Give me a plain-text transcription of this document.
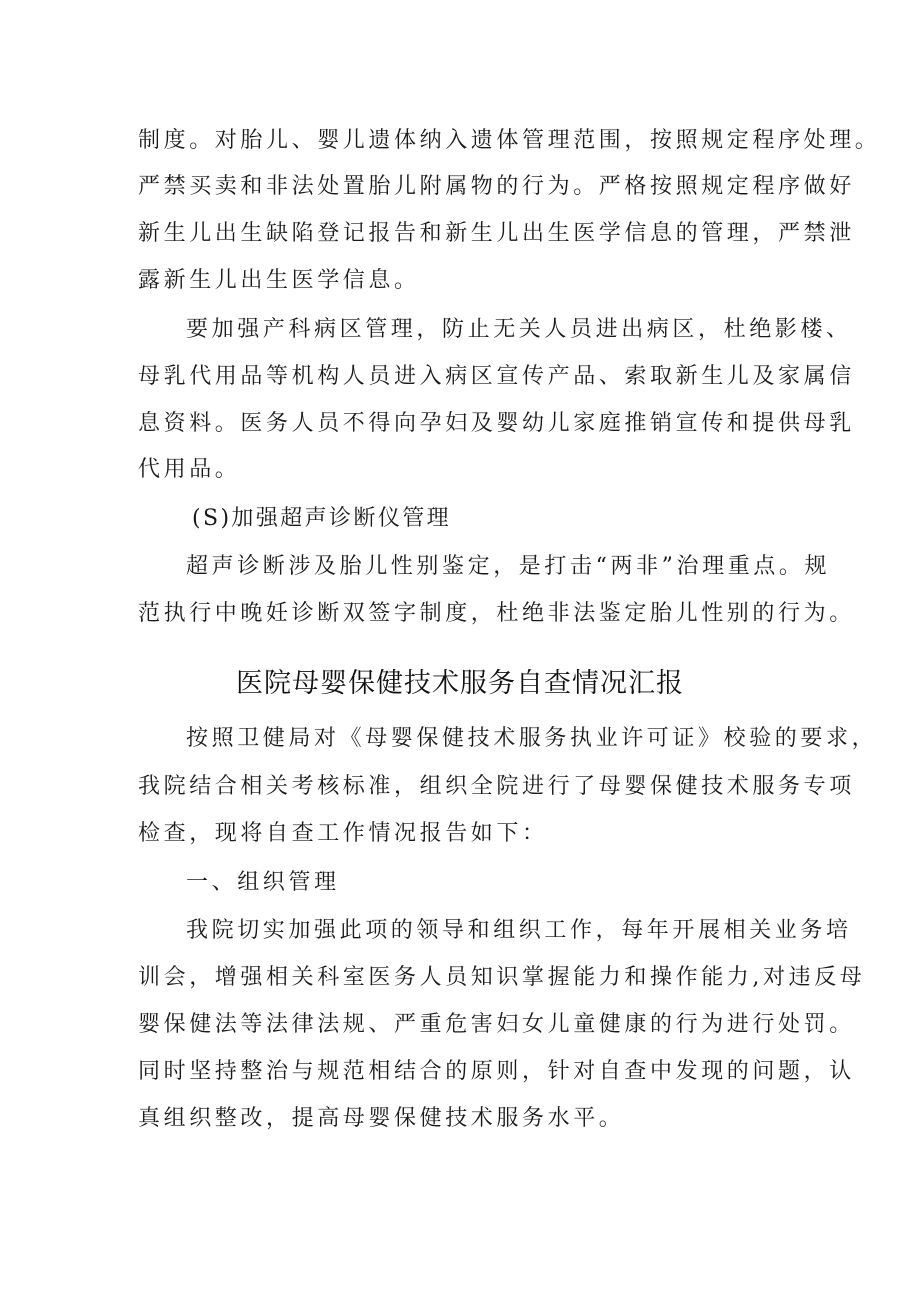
制度。对胎儿、婴儿遗体纳入遗体管理范围，按照规定程序处理。
严禁买卖和非法处置胎儿附属物的行为。严格按照规定程序做好
新生儿出生缺陷登记报告和新生儿出生医学信息的管理，严禁泄
露新生儿出生医学信息。
要加强产科病区管理，防止无关人员进出病区，杜绝影楼、
母乳代用品等机构人员进入病区宣传产品、索取新生儿及家属信
息资料。医务人员不得向孕妇及婴幼儿家庭推销宣传和提供母乳
代用品。
(S)加强超声诊断仪管理
超声诊断涉及胎儿性别鉴定，是打击“两非”治理重点。规
范执行中晚妊诊断双签字制度，杜绝非法鉴定胎儿性别的行为。
医院母婴保健技术服务自查情况汇报
按照卫健局对《母婴保健技术服务执业许可证》校验的要求，
我院结合相关考核标准，组织全院进行了母婴保健技术服务专项
检查，现将自查工作情况报告如下：
一、组织管理
我院切实加强此项的领导和组织工作，每年开展相关业务培
训会，增强相关科室医务人员知识掌握能力和操作能力,对违反母
婴保健法等法律法规、严重危害妇女儿童健康的行为进行处罚。
同时坚持整治与规范相结合的原则，针对自查中发现的问题，认
真组织整改，提高母婴保健技术服务水平。
